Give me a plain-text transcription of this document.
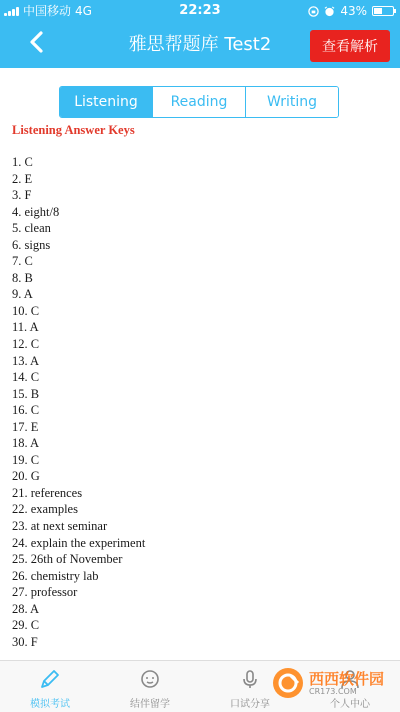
中国移动 4G	22:23	43%
雅思帮题库 Test2	查看解析
Listening	Reading	Writing

Listening Answer Keys

1. C
2. E
3. F
4. eight/8
5. clean
6. signs
7. C
8. B
9. A
10. C
11. A
12. C
13. A
14. C
15. B
16. C
17. E
18. A
19. C
20. G
21. references
22. examples
23. at next seminar
24. explain the experiment
25. 26th of November
26. chemistry lab
27. professor
28. A
29. C
30. F
模拟考试	结伴留学	口试分享	个人中心
西西软件园
CR173.COM
